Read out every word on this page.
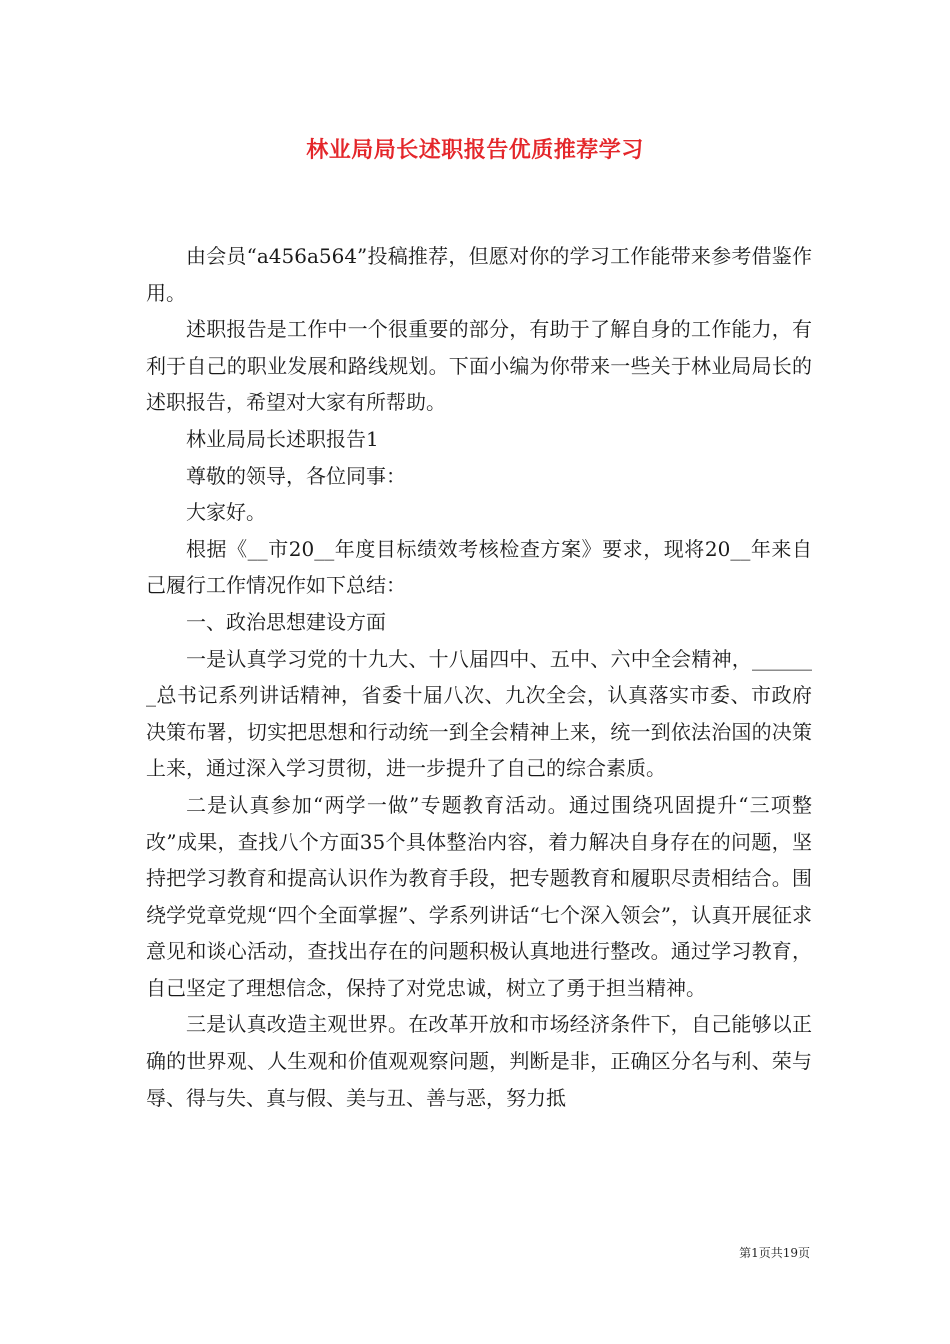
林业局局长述职报告优质推荐学习

由会员“a456a564”投稿推荐，但愿对你的学习工作能带来参考借鉴作用。

述职报告是工作中一个很重要的部分，有助于了解自身的工作能力，有利于自己的职业发展和路线规划。下面小编为你带来一些关于林业局局长的述职报告，希望对大家有所帮助。

林业局局长述职报告1

尊敬的领导，各位同事：

大家好。

根据《__市20__年度目标绩效考核检查方案》要求，现将20__年来自己履行工作情况作如下总结：

一、政治思想建设方面

一是认真学习党的十九大、十八届四中、五中、六中全会精神，_______总书记系列讲话精神，省委十届八次、九次全会，认真落实市委、市政府决策布署，切实把思想和行动统一到全会精神上来，统一到依法治国的决策上来，通过深入学习贯彻，进一步提升了自己的综合素质。

二是认真参加“两学一做”专题教育活动。通过围绕巩固提升“三项整改”成果，查找八个方面35个具体整治内容，着力解决自身存在的问题，坚持把学习教育和提高认识作为教育手段，把专题教育和履职尽责相结合。围绕学党章党规“四个全面掌握”、学系列讲话“七个深入领会”，认真开展征求意见和谈心活动，查找出存在的问题积极认真地进行整改。通过学习教育，自己坚定了理想信念，保持了对党忠诚，树立了勇于担当精神。

三是认真改造主观世界。在改革开放和市场经济条件下，自己能够以正确的世界观、人生观和价值观观察问题，判断是非，正确区分名与利、荣与辱、得与失、真与假、美与丑、善与恶，努力抵

第1页共19页
